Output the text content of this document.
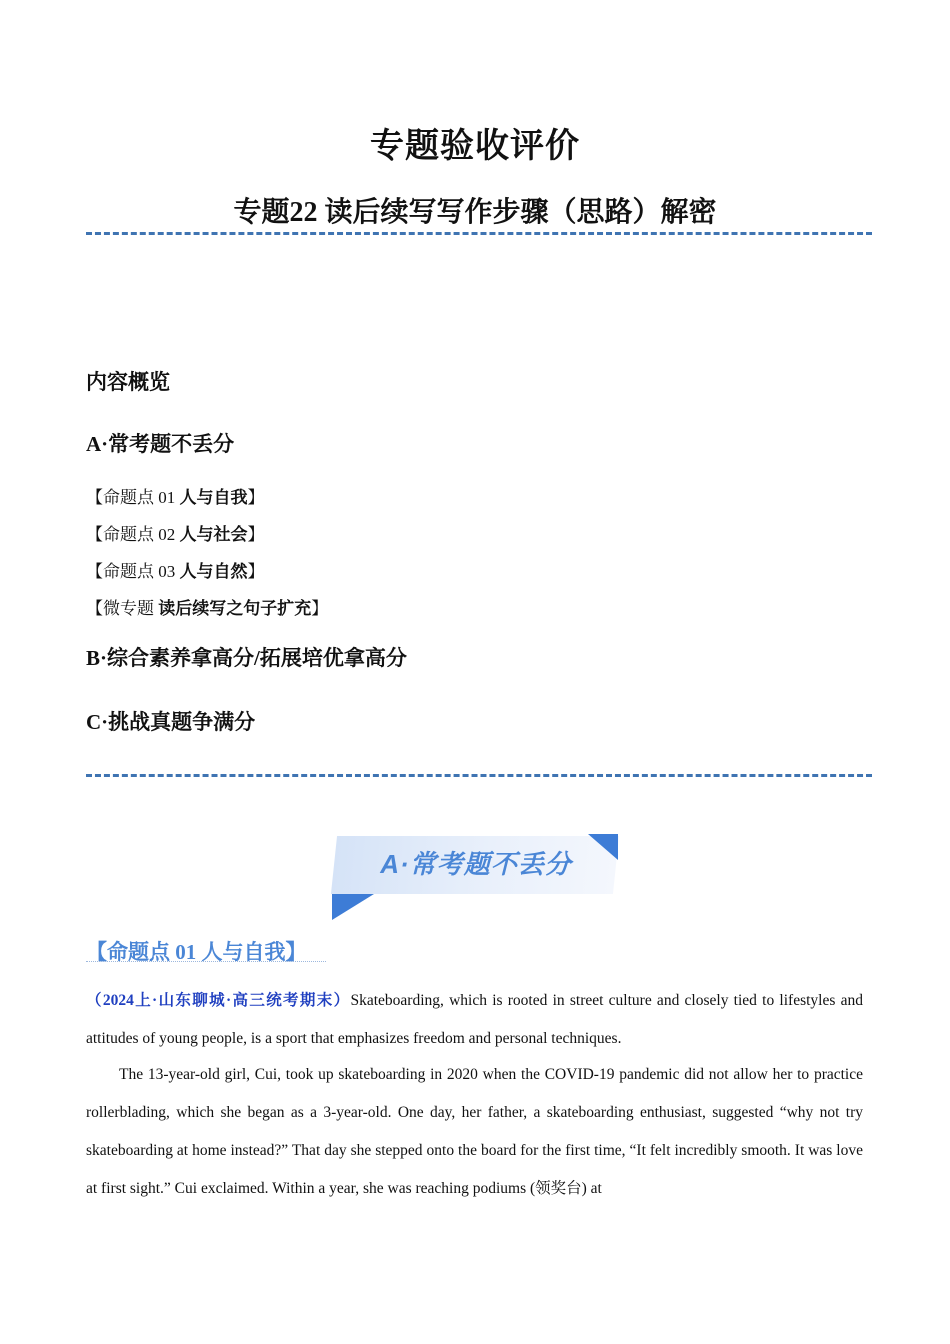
专题验收评价
专题22 读后续写写作步骤（思路）解密
内容概览
A·常考题不丢分
【命题点 01 人与自我】
【命题点 02 人与社会】
【命题点 03 人与自然】
【微专题 读后续写之句子扩充】
B·综合素养拿高分/拓展培优拿高分
C·挑战真题争满分
A·常考题不丢分
【命题点 01 人与自我】
（2024上·山东聊城·高三统考期末）Skateboarding, which is rooted in street culture and closely tied to lifestyles and attitudes of young people, is a sport that emphasizes freedom and personal techniques.
The 13-year-old girl, Cui, took up skateboarding in 2020 when the COVID-19 pandemic did not allow her to practice rollerblading, which she began as a 3-year-old. One day, her father, a skateboarding enthusiast, suggested “why not try skateboarding at home instead?” That day she stepped onto the board for the first time, “It felt incredibly smooth. It was love at first sight.” Cui exclaimed. Within a year, she was reaching podiums (领奖台) at
